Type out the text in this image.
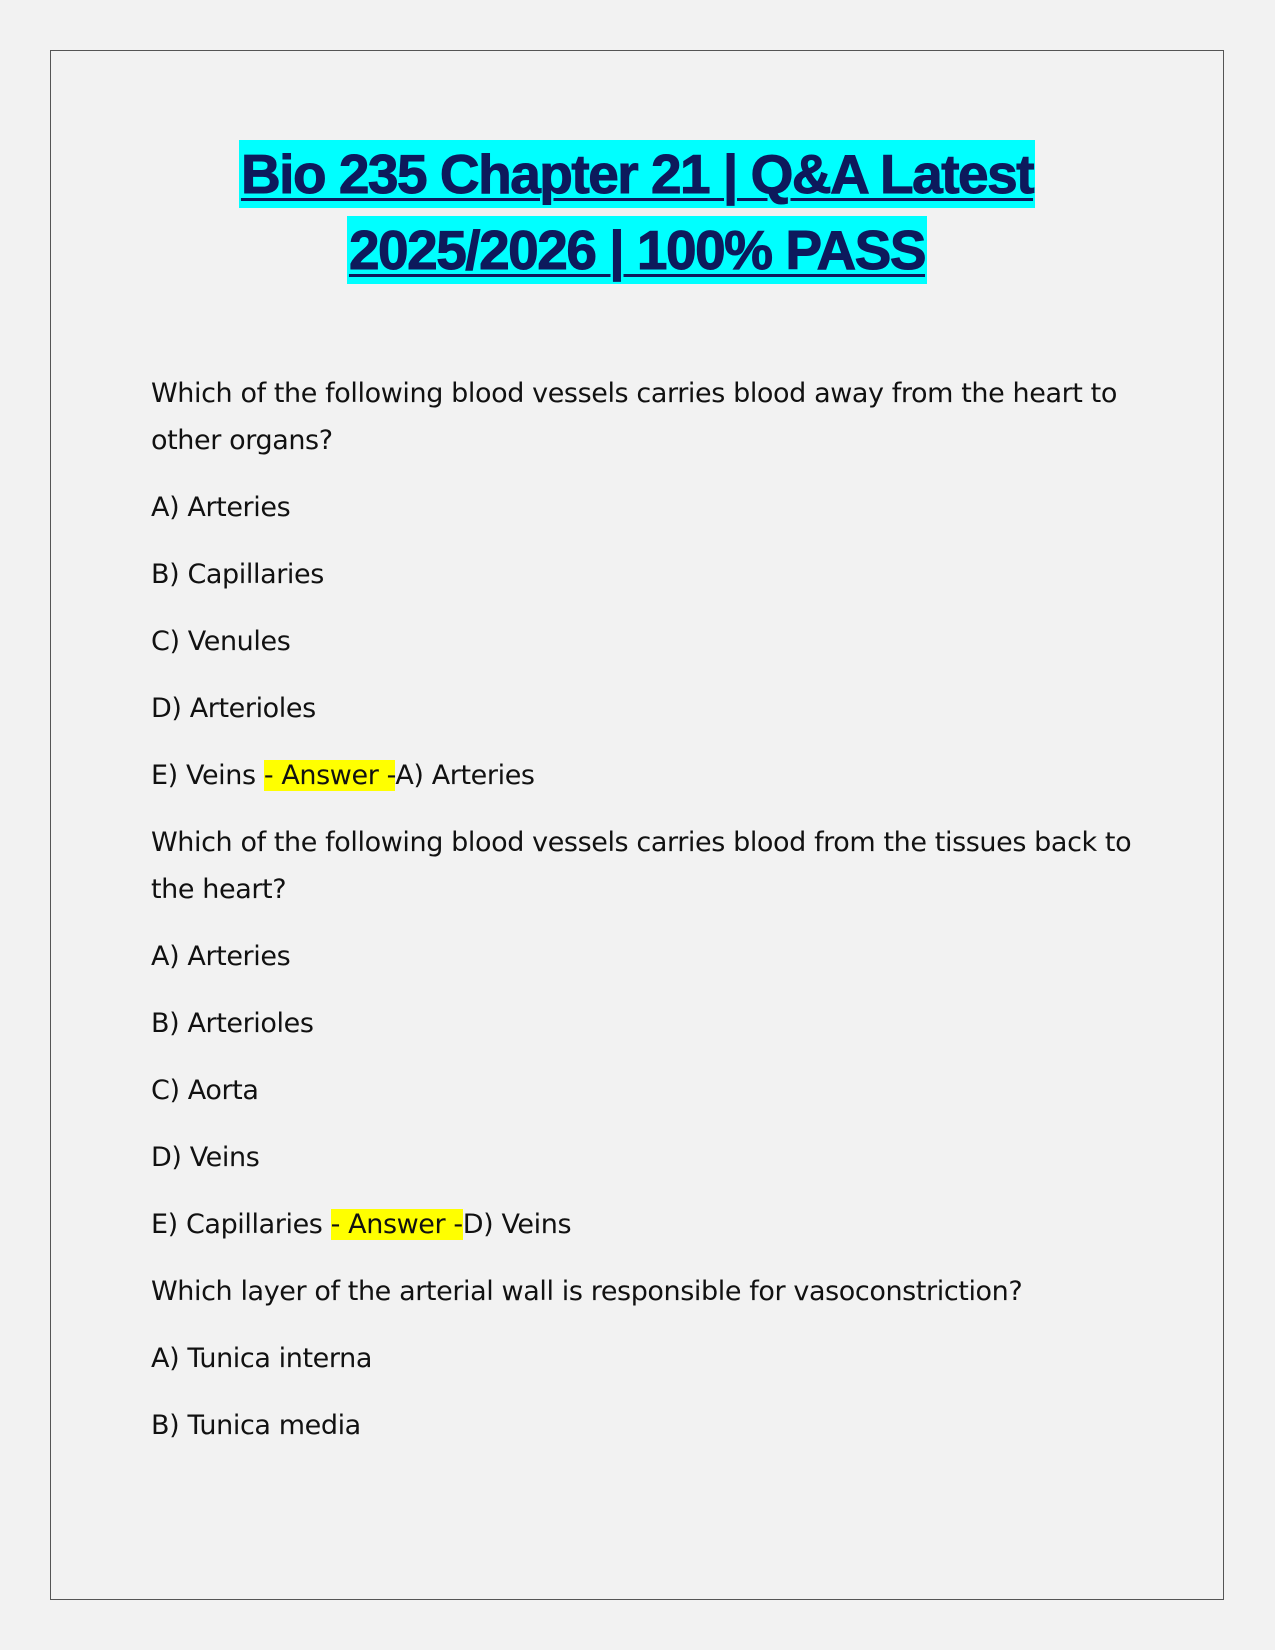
Bio 235 Chapter 21 | Q&A Latest
2025/2026 | 100% PASS

Which of the following blood vessels carries blood away from the heart to other organs?

A) Arteries

B) Capillaries

C) Venules

D) Arterioles

E) Veins - Answer -A) Arteries

Which of the following blood vessels carries blood from the tissues back to the heart?

A) Arteries

B) Arterioles

C) Aorta

D) Veins

E) Capillaries - Answer -D) Veins

Which layer of the arterial wall is responsible for vasoconstriction?

A) Tunica interna

B) Tunica media
